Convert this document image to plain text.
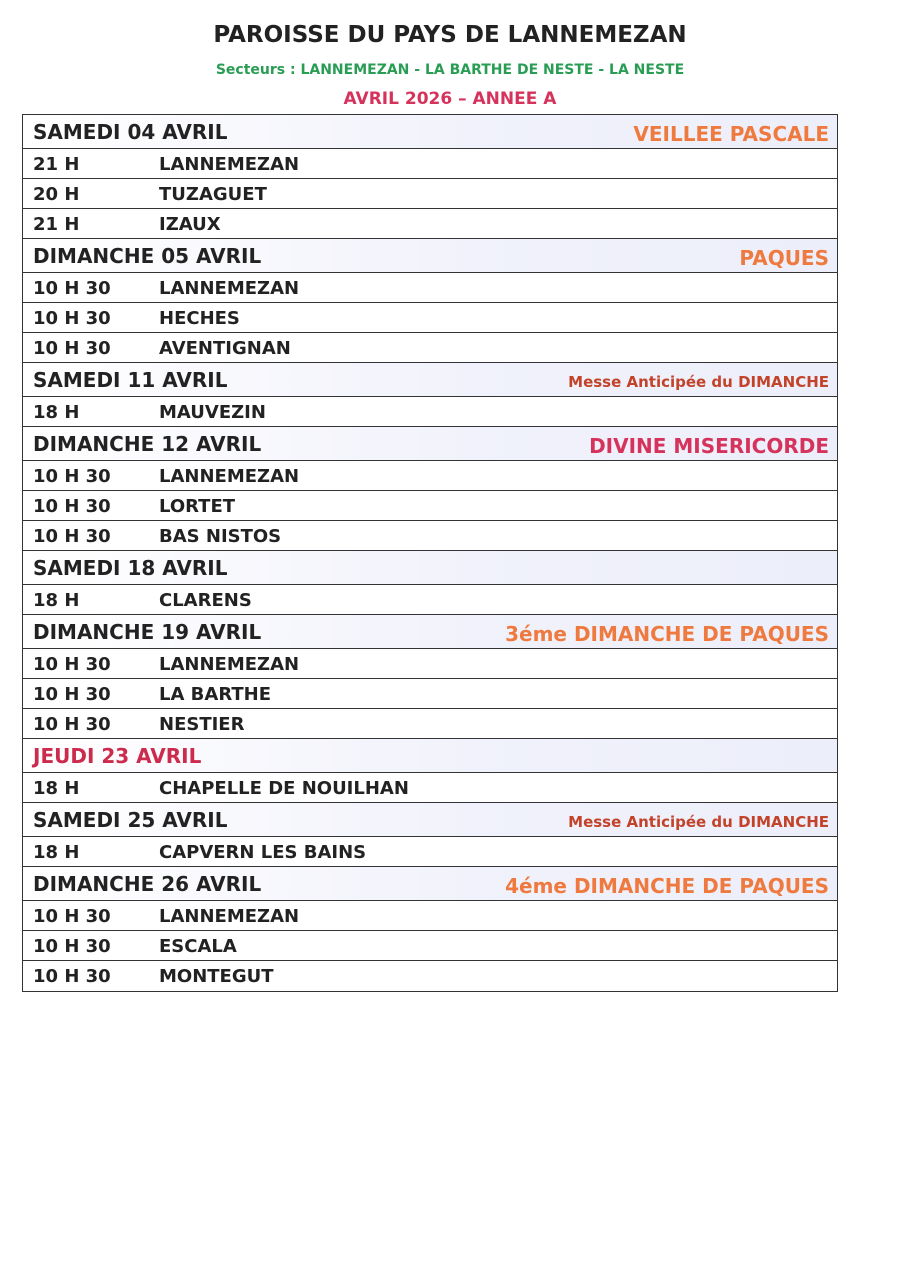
PAROISSE DU PAYS DE LANNEMEZAN
Secteurs : LANNEMEZAN - LA BARTHE DE NESTE - LA NESTE
AVRIL 2026 – ANNEE A
SAMEDI 04 AVRIL	VEILLEE PASCALE
21 H	LANNEMEZAN
20 H	TUZAGUET
21 H	IZAUX
DIMANCHE 05 AVRIL	PAQUES
10 H 30	LANNEMEZAN
10 H 30	HECHES
10 H 30	AVENTIGNAN
SAMEDI 11 AVRIL	Messe Anticipée du DIMANCHE
18 H	MAUVEZIN
DIMANCHE 12 AVRIL	DIVINE MISERICORDE
10 H 30	LANNEMEZAN
10 H 30	LORTET
10 H 30	BAS NISTOS
SAMEDI 18 AVRIL
18 H	CLARENS
DIMANCHE 19 AVRIL	3éme DIMANCHE DE PAQUES
10 H 30	LANNEMEZAN
10 H 30	LA BARTHE
10 H 30	NESTIER
JEUDI 23 AVRIL
18 H	CHAPELLE DE NOUILHAN
SAMEDI 25 AVRIL	Messe Anticipée du DIMANCHE
18 H	CAPVERN LES BAINS
DIMANCHE 26 AVRIL	4éme DIMANCHE DE PAQUES
10 H 30	LANNEMEZAN
10 H 30	ESCALA
10 H 30	MONTEGUT
